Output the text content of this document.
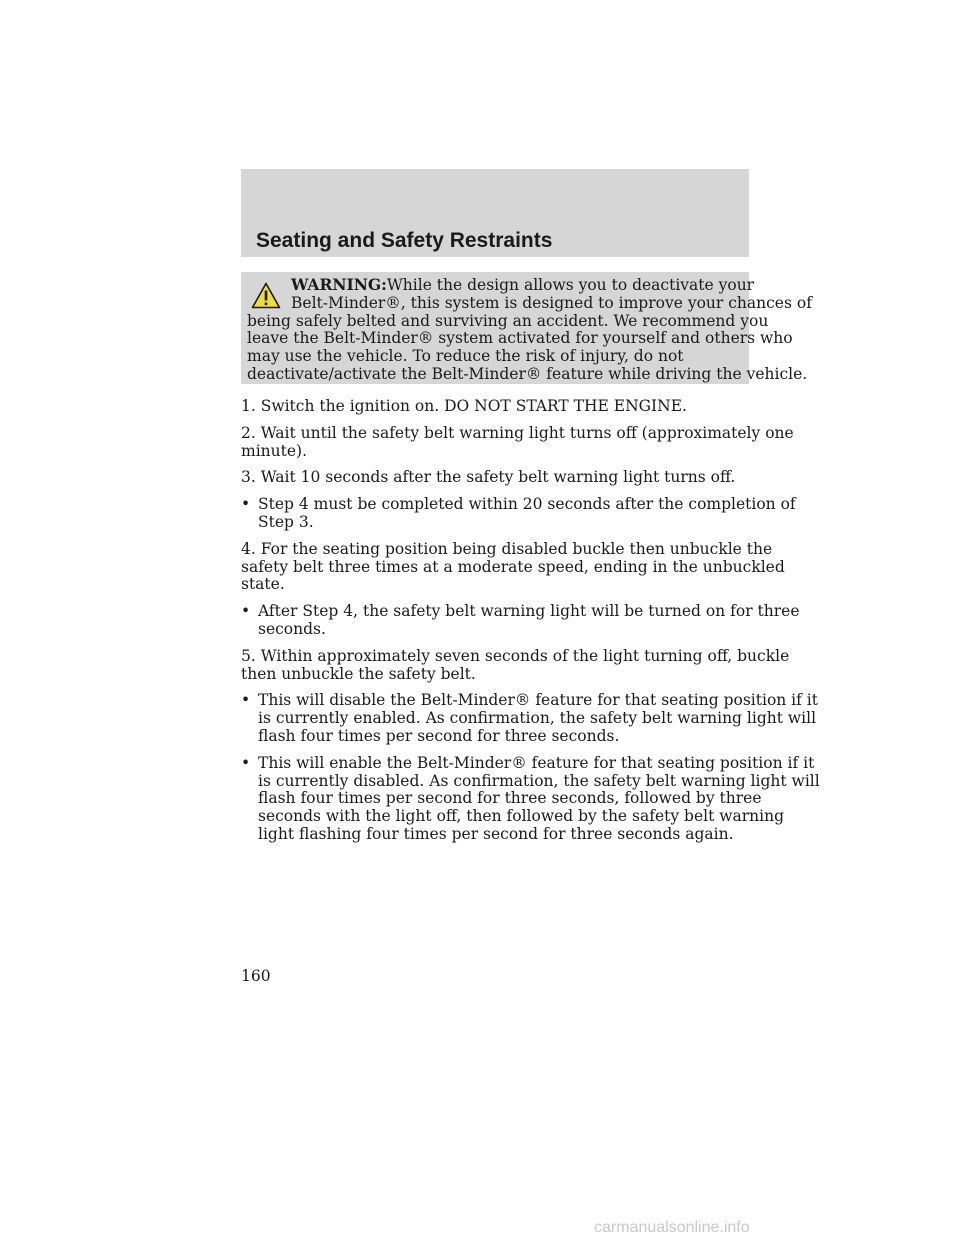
Seating and Safety Restraints

WARNING:While the design allows you to deactivate your
Belt-Minder®, this system is designed to improve your chances of
being safely belted and surviving an accident. We recommend you
leave the Belt-Minder® system activated for yourself and others who
may use the vehicle. To reduce the risk of injury, do not
deactivate/activate the Belt-Minder® feature while driving the vehicle.

1. Switch the ignition on. DO NOT START THE ENGINE.

2. Wait until the safety belt warning light turns off (approximately one
minute).

3. Wait 10 seconds after the safety belt warning light turns off.

• Step 4 must be completed within 20 seconds after the completion of
Step 3.

4. For the seating position being disabled buckle then unbuckle the
safety belt three times at a moderate speed, ending in the unbuckled
state.

• After Step 4, the safety belt warning light will be turned on for three
seconds.

5. Within approximately seven seconds of the light turning off, buckle
then unbuckle the safety belt.

• This will disable the Belt-Minder® feature for that seating position if it
is currently enabled. As confirmation, the safety belt warning light will
flash four times per second for three seconds.
• This will enable the Belt-Minder® feature for that seating position if it
is currently disabled. As confirmation, the safety belt warning light will
flash four times per second for three seconds, followed by three
seconds with the light off, then followed by the safety belt warning
light flashing four times per second for three seconds again.
160
carmanualsonline.info
